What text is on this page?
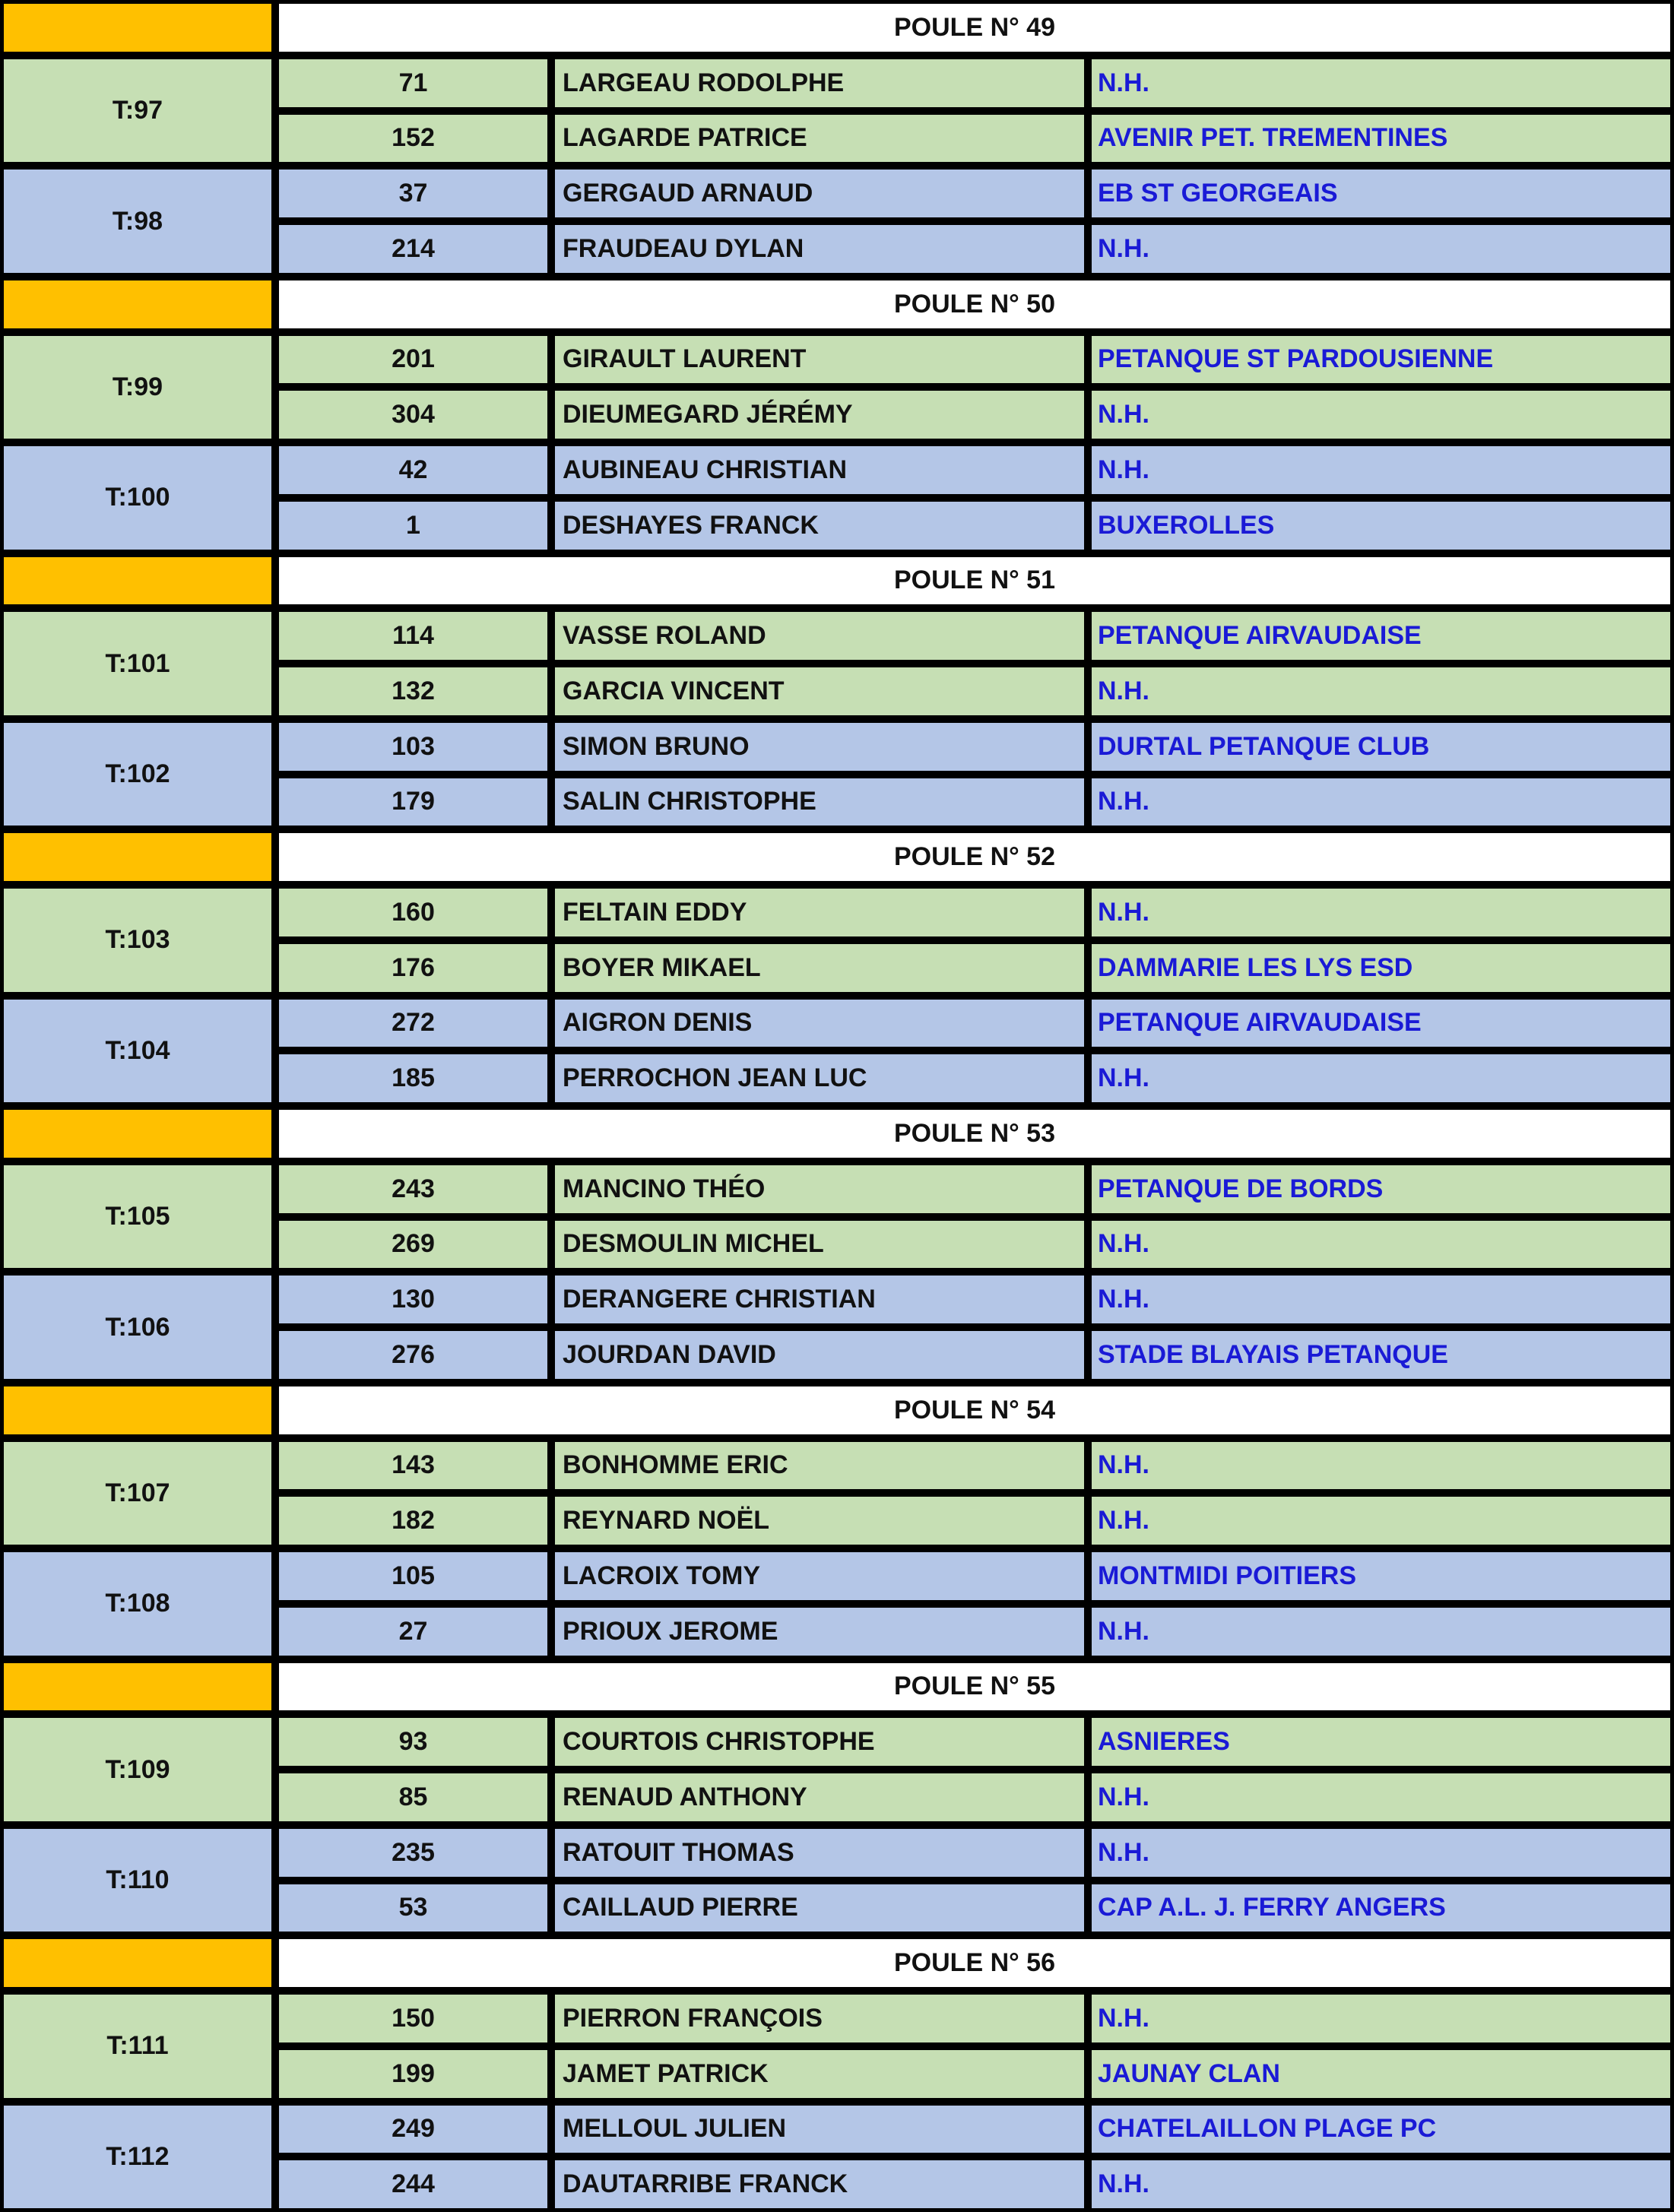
POULE N° 49
T:97
71	LARGEAU RODOLPHE	N.H.
152	LAGARDE PATRICE	AVENIR PET. TREMENTINES
T:98
37	GERGAUD ARNAUD	EB ST GEORGEAIS
214	FRAUDEAU DYLAN	N.H.
POULE N° 50
T:99
201	GIRAULT LAURENT	PETANQUE ST PARDOUSIENNE
304	DIEUMEGARD JÉRÉMY	N.H.
T:100
42	AUBINEAU CHRISTIAN	N.H.
1	DESHAYES FRANCK	BUXEROLLES
POULE N° 51
T:101
114	VASSE ROLAND	PETANQUE AIRVAUDAISE
132	GARCIA VINCENT	N.H.
T:102
103	SIMON BRUNO	DURTAL PETANQUE CLUB
179	SALIN CHRISTOPHE	N.H.
POULE N° 52
T:103
160	FELTAIN EDDY	N.H.
176	BOYER MIKAEL	DAMMARIE LES LYS ESD
T:104
272	AIGRON DENIS	PETANQUE AIRVAUDAISE
185	PERROCHON JEAN LUC	N.H.
POULE N° 53
T:105
243	MANCINO THÉO	PETANQUE DE BORDS
269	DESMOULIN MICHEL	N.H.
T:106
130	DERANGERE CHRISTIAN	N.H.
276	JOURDAN DAVID	STADE BLAYAIS PETANQUE
POULE N° 54
T:107
143	BONHOMME ERIC	N.H.
182	REYNARD NOËL	N.H.
T:108
105	LACROIX TOMY	MONTMIDI POITIERS
27	PRIOUX JEROME	N.H.
POULE N° 55
T:109
93	COURTOIS CHRISTOPHE	ASNIERES
85	RENAUD ANTHONY	N.H.
T:110
235	RATOUIT THOMAS	N.H.
53	CAILLAUD PIERRE	CAP A.L. J. FERRY ANGERS
POULE N° 56
T:111
150	PIERRON FRANÇOIS	N.H.
199	JAMET PATRICK	JAUNAY CLAN
T:112
249	MELLOUL JULIEN	CHATELAILLON PLAGE PC
244	DAUTARRIBE FRANCK	N.H.
